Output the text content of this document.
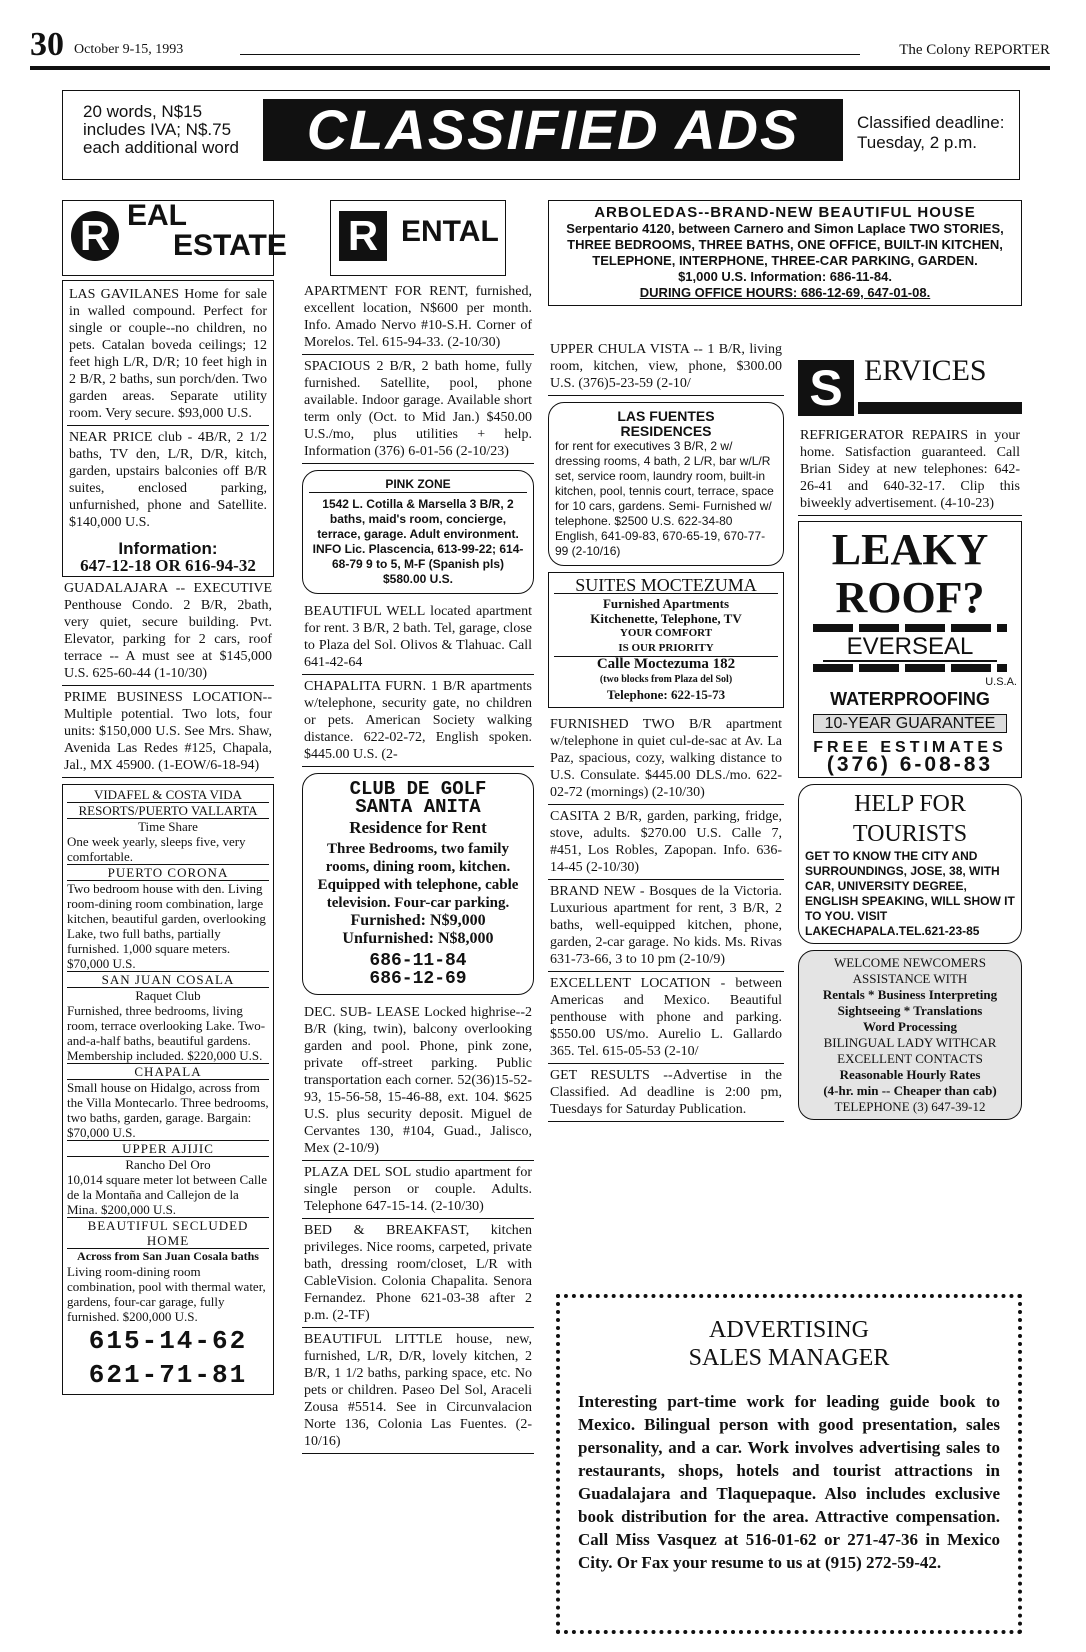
30 October 9-15, 1993	The Colony REPORTER
20 words, N$15 includes IVA; N$.75 each additional word	CLASSIFIED ADS	Classified deadline:
Tuesday, 2 p.m.
R EAL
ESTATE
LAS GAVILANES Home for sale in walled compound. Perfect for single or couple--no children, no pets. Catalan boveda ceilings; 12 feet high L/R, D/R; 10 feet high in 2 B/R, 2 baths, sun porch/den. Two garden areas. Separate utility room. Very secure. $93,000 U.S.
NEAR PRICE club - 4B/R, 2 1/2 baths, TV den, L/R, D/R, kitch, garden, upstairs balconies off B/R suites, enclosed parking, unfurnished, phone and Satellite. $140,000 U.S.
Information:
647-12-18 OR 616-94-32
GUADALAJARA -- EXECUTIVE Penthouse Condo. 2 B/R, 2bath, very quiet, secure building. Pvt. Elevator, parking for 2 cars, roof terrace -- A must see at $145,000 U.S. 625-60-44 (1-10/30)
PRIME BUSINESS LOCATION-- Multiple potential. Two lots, four units: $150,000 U.S. See Mrs. Shaw, Avenida Las Redes #125, Chapala, Jal., MX 45900. (1-EOW/6-18-94)
VIDAFEL & COSTA VIDA
RESORTS/PUERTO VALLARTA
Time Share
One week yearly, sleeps five, very comfortable.
PUERTO CORONA
Two bedroom house with den. Living room-dining room combination, large kitchen, beautiful garden, overlooking Lake, two full baths, partially furnished. 1,000 square meters. $70,000 U.S.
SAN JUAN COSALA
Raquet Club
Furnished, three bedrooms, living room, terrace overlooking Lake. Two-and-a-half baths, beautiful gardens. Membership included. $220,000 U.S.
CHAPALA
Small house on Hidalgo, across from the Villa Montecarlo. Three bedrooms, two baths, garden, garage. Bargain: $70,000 U.S.
UPPER AJIJIC
Rancho Del Oro
10,014 square meter lot between Calle de la Montaña and Callejon de la Mina. $200,000 U.S.
BEAUTIFUL SECLUDED HOME
Across from San Juan Cosala baths
Living room-dining room combination, pool with thermal water, gardens, four-car garage, fully furnished. $200,000 U.S.
615-14-62
621-71-81
R ENTAL
APARTMENT FOR RENT, furnished, excellent location, N$600 per month. Info. Amado Nervo #10-S.H. Corner of Morelos. Tel. 615-94-33. (2-10/30)
SPACIOUS 2 B/R, 2 bath home, fully furnished. Satellite, pool, phone available. Indoor garage. Available short term only (Oct. to Mid Jan.) $450.00 U.S./mo, plus utilities + help. Information (376) 6-01-56 (2-10/23)
PINK ZONE
1542 L. Cotilla & Marsella 3 B/R, 2 baths, maid's room, concierge, terrace, garage. Adult environment. INFO Lic. Plascencia, 613-99-22; 614-68-79 9 to 5, M-F (Spanish pls) $580.00 U.S.
BEAUTIFUL WELL located apartment for rent. 3 B/R, 2 bath. Tel, garage, close to Plaza del Sol. Olivos & Tlahuac. Call 641-42-64
CHAPALITA FURN. 1 B/R apartments w/telephone, security gate, no children or pets. American Society walking distance. 622-02-72, English spoken. $445.00 U.S. (2-
CLUB DE GOLF
SANTA ANITA
Residence for Rent
Three Bedrooms, two family rooms, dining room, kitchen. Equipped with telephone, cable television. Four-car parking.
Furnished: N$9,000
Unfurnished: N$8,000
686-11-84
686-12-69
DEC. SUB- LEASE Locked highrise--2 B/R (king, twin), balcony overlooking garden and pool. Phone, pink zone, private off-street parking. Public transportation each corner. 52(36)15-52-93, 15-56-58, 15-46-88, ext. 104. $625 U.S. plus security deposit. Miguel de Cervantes 130, #104, Guad., Jalisco, Mex (2-10/9)
PLAZA DEL SOL studio apartment for single person or couple. Adults. Telephone 647-15-14. (2-10/30)
BED & BREAKFAST, kitchen privileges. Nice rooms, carpeted, private bath, dressing room/closet, L/R with CableVision. Colonia Chapalita. Senora Fernandez. Phone 621-03-38 after 2 p.m. (2-TF)
BEAUTIFUL LITTLE house, new, furnished, L/R, D/R, lovely kitchen, 2 B/R, 1 1/2 baths, parking space, etc. No pets or children. Paseo Del Sol, Araceli Zousa #5514. See in Circunvalacion Norte 136, Colonia Las Fuentes. (2-10/16)
ARBOLEDAS--BRAND-NEW BEAUTIFUL HOUSE
Serpentario 4120, between Carnero and Simon Laplace TWO STORIES, THREE BEDROOMS, THREE BATHS, ONE OFFICE, BUILT-IN KITCHEN, TELEPHONE, INTERPHONE, THREE-CAR PARKING, GARDEN.
$1,000 U.S. Information: 686-11-84.
DURING OFFICE HOURS: 686-12-69, 647-01-08.
UPPER CHULA VISTA -- 1 B/R, living room, kitchen, view, phone, $300.00 U.S. (376)5-23-59 (2-10/
LAS FUENTES
RESIDENCES
for rent for executives 3 B/R, 2 w/ dressing rooms, 4 bath, 2 L/R, bar w/L/R set, service room, laundry room, built-in kitchen, pool, tennis court, terrace, space for 10 cars, gardens. Semi- Furnished w/ telephone. $2500 U.S. 622-34-80 English, 641-09-83, 670-65-19, 670-77-99 (2-10/16)
SUITES MOCTEZUMA
Furnished Apartments
Kitchenette, Telephone, TV
YOUR COMFORT
IS OUR PRIORITY
Calle Moctezuma 182
(two blocks from Plaza del Sol)
Telephone: 622-15-73
FURNISHED TWO B/R apartment w/telephone in quiet cul-de-sac at Av. La Paz, spacious, cozy, walking distance to U.S. Consulate. $445.00 DLS./mo. 622-02-72 (mornings) (2-10/30)
CASITA 2 B/R, garden, parking, fridge, stove, adults. $270.00 U.S. Calle 7, #451, Los Robles, Zapopan. Info. 636-14-45 (2-10/30)
BRAND NEW - Bosques de la Victoria. Luxurious apartment for rent, 3 B/R, 2 baths, well-equipped kitchen, phone, garden, 2-car garage. No kids. Ms. Rivas 631-73-66, 3 to 10 pm (2-10/9)
EXCELLENT LOCATION - between Americas and Mexico. Beautiful penthouse with phone and parking. $550.00 US/mo. Aurelio L. Gallardo 365. Tel. 615-05-53 (2-10/
GET RESULTS --Advertise in the Classified. Ad deadline is 2:00 pm, Tuesdays for Saturday Publication.
S ERVICES
REFRIGERATOR REPAIRS in your home. Satisfaction guaranteed. Call Brian Sidey at new telephones: 642-26-41 and 640-32-17. Clip this biweekly advertisement. (4-10-23)
LEAKY
ROOF?
EVERSEAL
U.S.A.
WATERPROOFING
10-YEAR GUARANTEE
FREE ESTIMATES
(376) 6-08-83
HELP FOR
TOURISTS
GET TO KNOW THE CITY AND SURROUNDINGS, JOSE, 38, WITH CAR, UNIVERSITY DEGREE, ENGLISH SPEAKING, WILL SHOW IT TO YOU. VISIT LAKECHAPALA.TEL.621-23-85
WELCOME NEWCOMERS
ASSISTANCE WITH
Rentals * Business Interpreting
Sightseeing * Translations
Word Processing
BILINGUAL LADY WITHCAR
EXCELLENT CONTACTS
Reasonable Hourly Rates
(4-hr. min -- Cheaper than cab)
TELEPHONE (3) 647-39-12
ADVERTISING
SALES MANAGER
Interesting part-time work for leading guide book to Mexico. Bilingual person with good presentation, sales personality, and a car. Work involves advertising sales to restaurants, shops, hotels and tourist attractions in Guadalajara and Tlaquepaque. Also includes exclusive book distribution for the area. Attractive compensation. Call Miss Vasquez at 516-01-62 or 271-47-36 in Mexico City. Or Fax your resume to us at (915) 272-59-42.
